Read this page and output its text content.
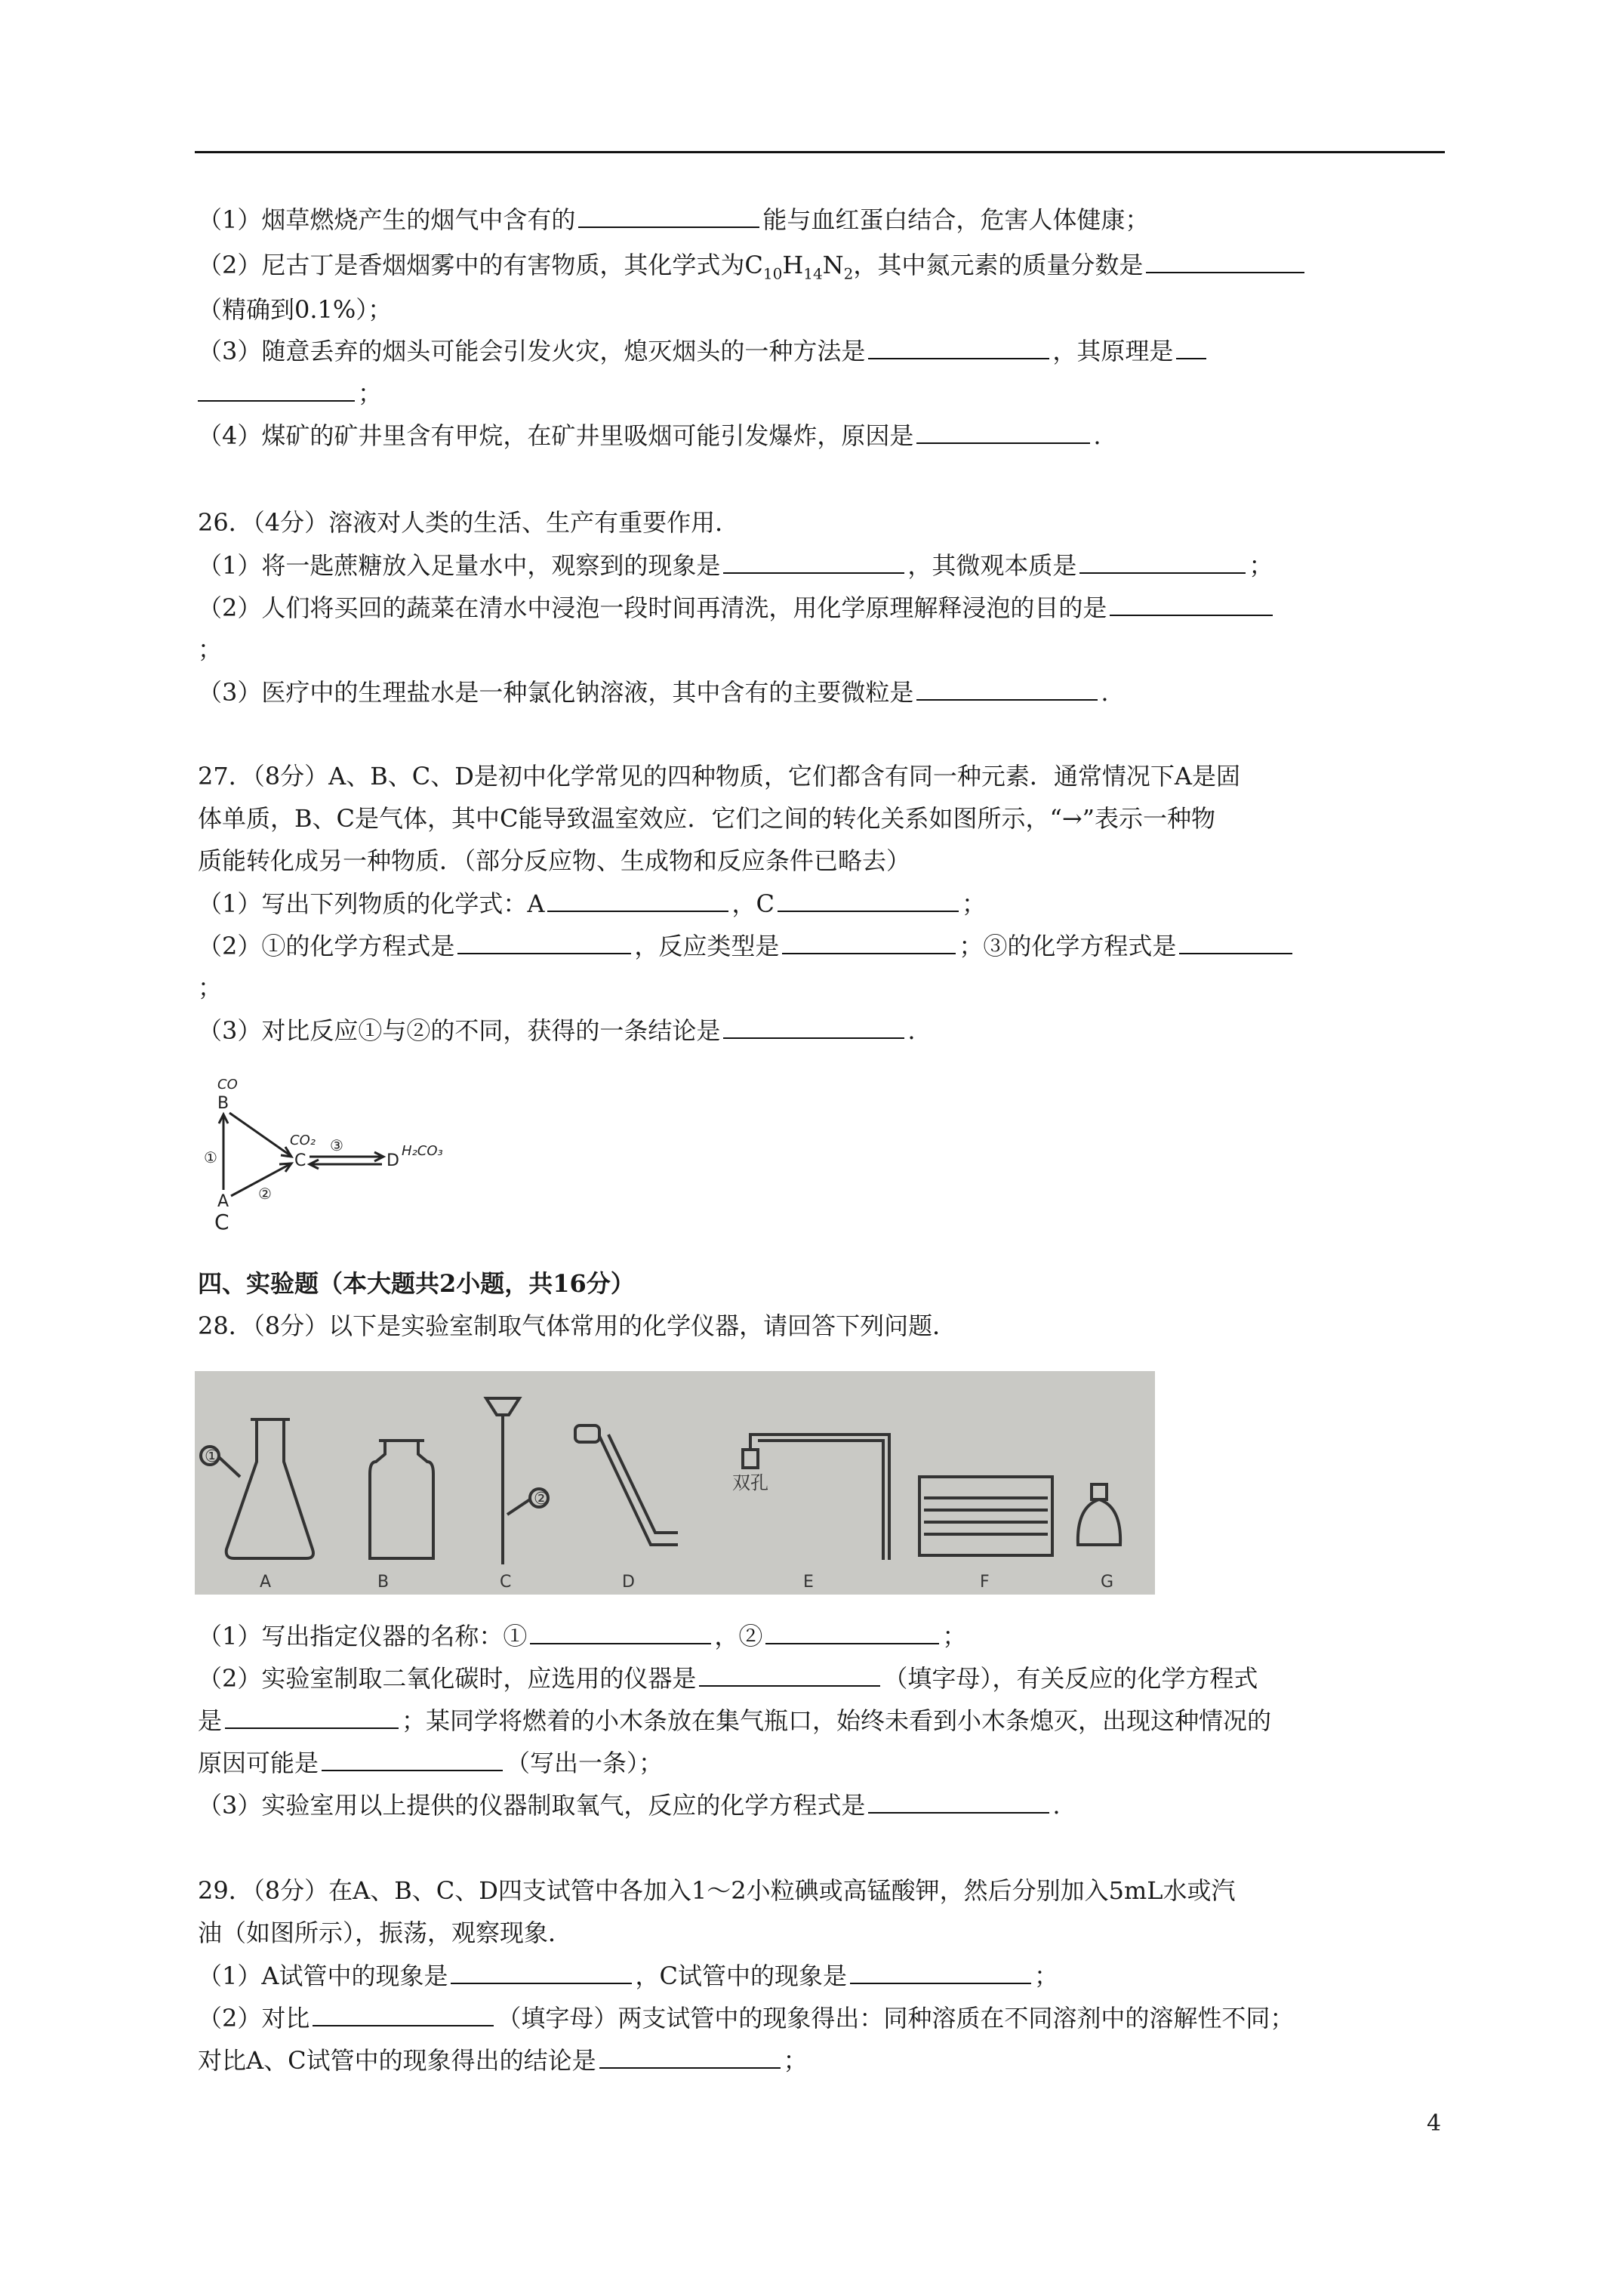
（1）烟草燃烧产生的烟气中含有的	能与血红蛋白结合，危害人体健康；
（2）尼古丁是香烟烟雾中的有害物质，其化学式为$C_{10}H_{14}N_2$，其中氮元素的质量分数是
（精确到0.1%）；
（3）随意丢弃的烟头可能会引发火灾，熄灭烟头的一种方法是	，其原理是
；
（4）煤矿的矿井里含有甲烷，在矿井里吸烟可能引发爆炸，原因是	.
26．（4分）溶液对人类的生活、生产有重要作用．
（1）将一匙蔗糖放入足量水中，观察到的现象是	，其微观本质是	；
（2）人们将买回的蔬菜在清水中浸泡一段时间再清洗，用化学原理解释浸泡的目的是
；
（3）医疗中的生理盐水是一种氯化钠溶液，其中含有的主要微粒是	.
27．（8分）A、B、C、D是初中化学常见的四种物质，它们都含有同一种元素．通常情况下A是固
体单质，B、C是气体，其中C能导致温室效应．它们之间的转化关系如图所示，“→”表示一种物
质能转化成另一种物质．（部分反应物、生成物和反应条件已略去）
（1）写出下列物质的化学式：A	，C	；
（2）①的化学方程式是	，反应类型是	；③的化学方程式是
；
（3）对比反应①与②的不同，获得的一条结论是	.
CO
B
A
C
C
CO₂
D
H₂CO₃
①
②
③
四、实验题（本大题共2小题，共16分）
28．（8分）以下是实验室制取气体常用的化学仪器，请回答下列问题．
①
②
双孔
A	B	C	D	E	F	G
（1）写出指定仪器的名称：①	，②	；
（2）实验室制取二氧化碳时，应选用的仪器是	（填字母），有关反应的化学方程式
是	；某同学将燃着的小木条放在集气瓶口，始终未看到小木条熄灭，出现这种情况的
原因可能是	（写出一条）；
（3）实验室用以上提供的仪器制取氧气，反应的化学方程式是	.
29．（8分）在A、B、C、D四支试管中各加入1～2小粒碘或高锰酸钾，然后分别加入5mL水或汽
油（如图所示），振荡，观察现象．
（1）A试管中的现象是	，C试管中的现象是	；
（2）对比	（填字母）两支试管中的现象得出：同种溶质在不同溶剂中的溶解性不同；
对比A、C试管中的现象得出的结论是	；
4
